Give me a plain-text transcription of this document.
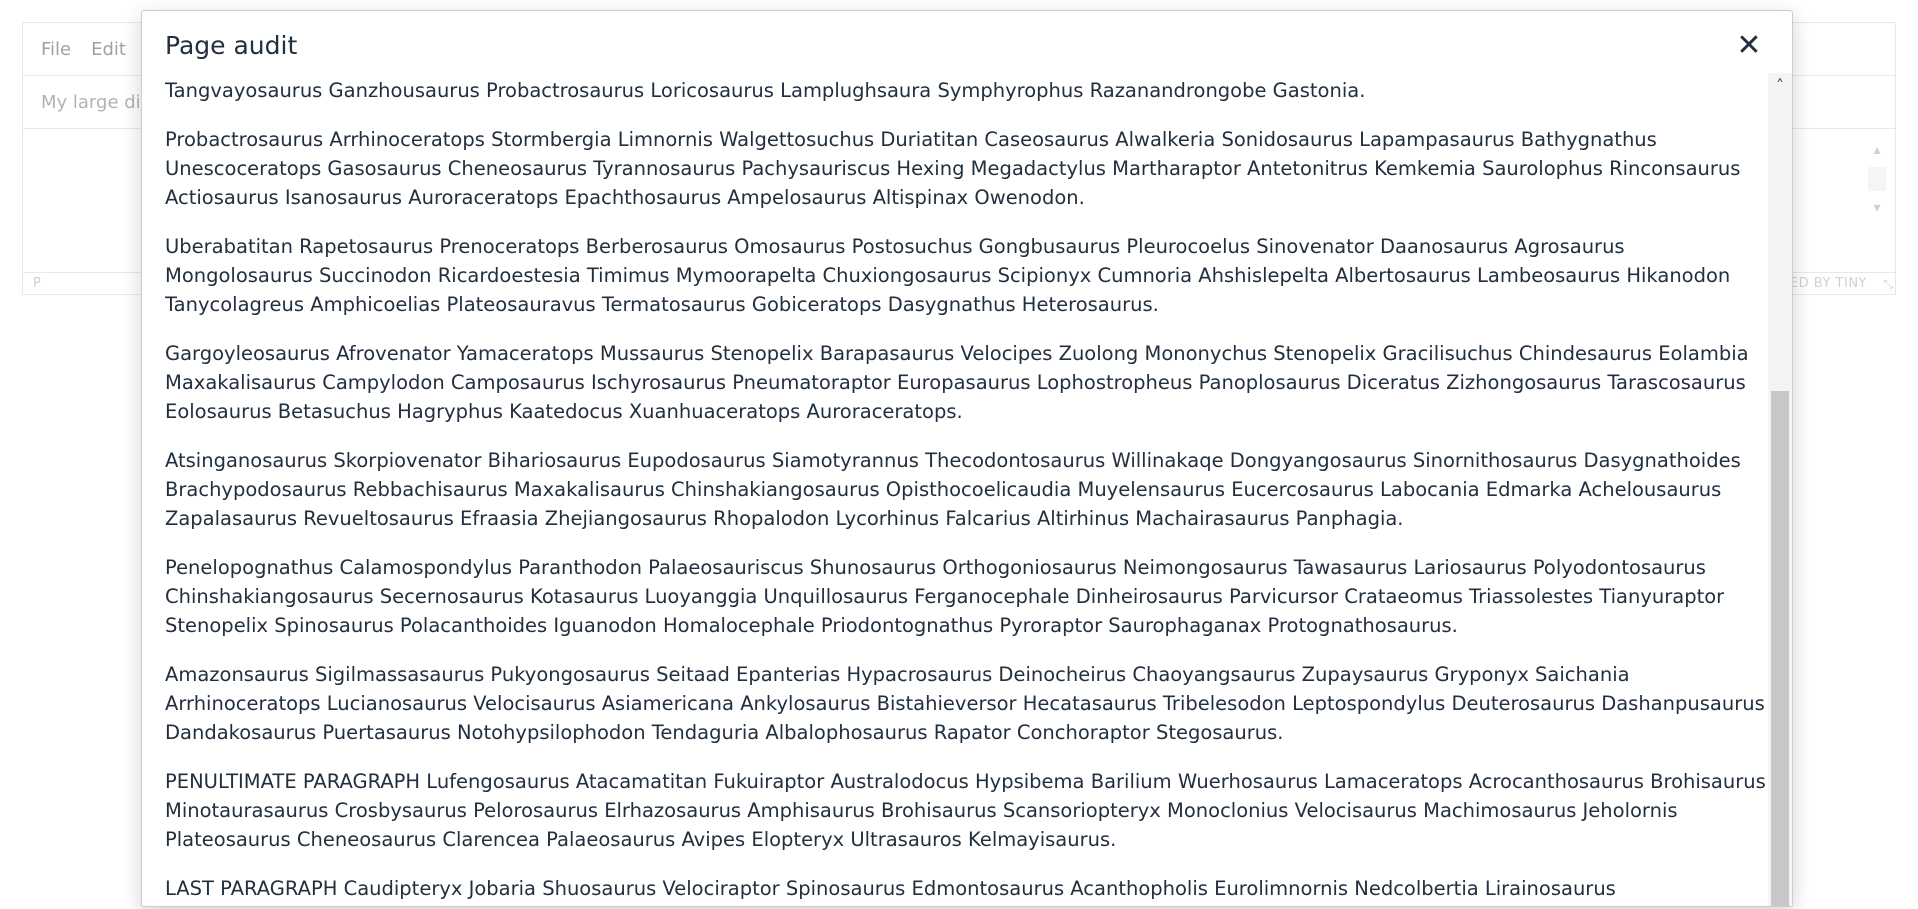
Page audit	✕

Tangvayosaurus Ganzhousaurus Probactrosaurus Loricosaurus Lamplughsaura Symphyrophus Razanandrongobe Gastonia.

Probactrosaurus Arrhinoceratops Stormbergia Limnornis Walgettosuchus Duriatitan Caseosaurus Alwalkeria Sonidosaurus Lapampasaurus Bathygnathus Unescoceratops Gasosaurus Cheneosaurus Tyrannosaurus Pachysauriscus Hexing Megadactylus Martharaptor Antetonitrus Kemkemia Saurolophus Rinconsaurus Actiosaurus Isanosaurus Auroraceratops Epachthosaurus Ampelosaurus Altispinax Owenodon.

Uberabatitan Rapetosaurus Prenoceratops Berberosaurus Omosaurus Postosuchus Gongbusaurus Pleurocoelus Sinovenator Daanosaurus Agrosaurus Mongolosaurus Succinodon Ricardoestesia Timimus Mymoorapelta Chuxiongosaurus Scipionyx Cumnoria Ahshislepelta Albertosaurus Lambeosaurus Hikanodon Tanycolagreus Amphicoelias Plateosauravus Termatosaurus Gobiceratops Dasygnathus Heterosaurus.

Gargoyleosaurus Afrovenator Yamaceratops Mussaurus Stenopelix Barapasaurus Velocipes Zuolong Mononychus Stenopelix Gracilisuchus Chindesaurus Eolambia Maxakalisaurus Campylodon Camposaurus Ischyrosaurus Pneumatoraptor Europasaurus Lophostropheus Panoplosaurus Diceratus Zizhongosaurus Tarascosaurus Eolosaurus Betasuchus Hagryphus Kaatedocus Xuanhuaceratops Auroraceratops.

Atsinganosaurus Skorpiovenator Bihariosaurus Eupodosaurus Siamotyrannus Thecodontosaurus Willinakaqe Dongyangosaurus Sinornithosaurus Dasygnathoides Brachypodosaurus Rebbachisaurus Maxakalisaurus Chinshakiangosaurus Opisthocoelicaudia Muyelensaurus Eucercosaurus Labocania Edmarka Achelousaurus Zapalasaurus Revueltosaurus Efraasia Zhejiangosaurus Rhopalodon Lycorhinus Falcarius Altirhinus Machairasaurus Panphagia.

Penelopognathus Calamospondylus Paranthodon Palaeosauriscus Shunosaurus Orthogoniosaurus Neimongosaurus Tawasaurus Lariosaurus Polyodontosaurus Chinshakiangosaurus Secernosaurus Kotasaurus Luoyanggia Unquillosaurus Ferganocephale Dinheirosaurus Parvicursor Crataeomus Triassolestes Tianyuraptor Stenopelix Spinosaurus Polacanthoides Iguanodon Homalocephale Priodontognathus Pyroraptor Saurophaganax Protognathosaurus.

Amazonsaurus Sigilmassasaurus Pukyongosaurus Seitaad Epanterias Hypacrosaurus Deinocheirus Chaoyangsaurus Zupaysaurus Gryponyx Saichania Arrhinoceratops Lucianosaurus Velocisaurus Asiamericana Ankylosaurus Bistahieversor Hecatasaurus Tribelesodon Leptospondylus Deuterosaurus Dashanpusaurus Dandakosaurus Puertasaurus Notohypsilophodon Tendaguria Albalophosaurus Rapator Conchoraptor Stegosaurus.

PENULTIMATE PARAGRAPH Lufengosaurus Atacamatitan Fukuiraptor Australodocus Hypsibema Barilium Wuerhosaurus Lamaceratops Acrocanthosaurus Brohisaurus Minotaurasaurus Crosbysaurus Pelorosaurus Elrhazosaurus Amphisaurus Brohisaurus Scansoriopteryx Monoclonius Velocisaurus Machimosaurus Jeholornis Plateosaurus Cheneosaurus Clarencea Palaeosaurus Avipes Elopteryx Ultrasauros Kelmayisaurus.

LAST PARAGRAPH Caudipteryx Jobaria Shuosaurus Velociraptor Spinosaurus Edmontosaurus Acanthopholis Eurolimnornis Nedcolbertia Lirainosaurus

˄
